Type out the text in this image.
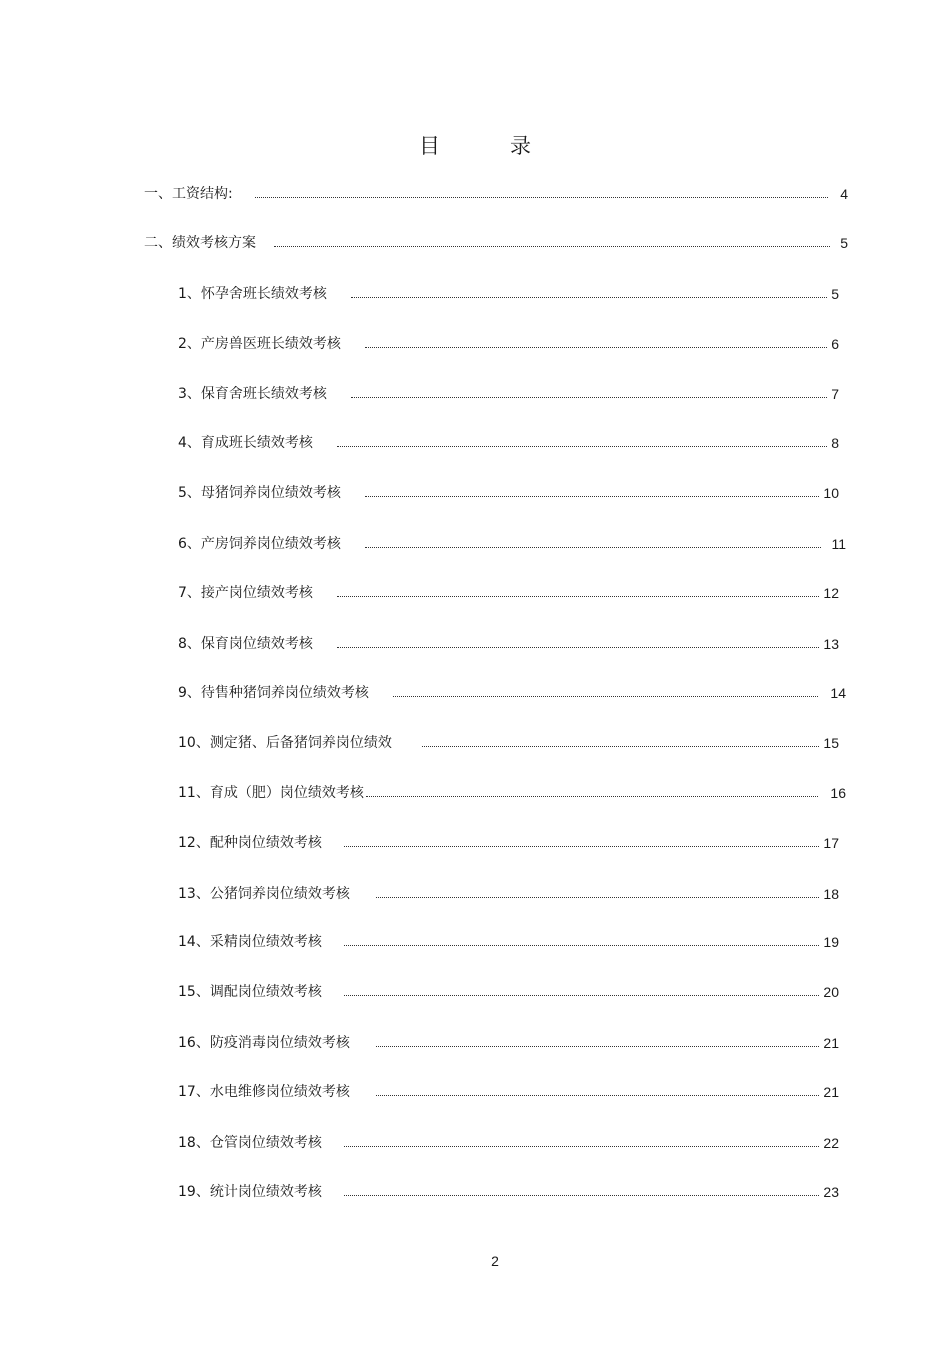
目	录
一、工资结构:	4
二、绩效考核方案	5
1、怀孕舍班长绩效考核	5
2、产房兽医班长绩效考核	6
3、保育舍班长绩效考核	7
4、育成班长绩效考核	8
5、母猪饲养岗位绩效考核	10
6、产房饲养岗位绩效考核	11
7、接产岗位绩效考核	12
8、保育岗位绩效考核	13
9、待售种猪饲养岗位绩效考核	14
10、测定猪、后备猪饲养岗位绩效	15
11、育成（肥）岗位绩效考核	16
12、配种岗位绩效考核	17
13、公猪饲养岗位绩效考核	18
14、采精岗位绩效考核	19
15、调配岗位绩效考核	20
16、防疫消毒岗位绩效考核	21
17、水电维修岗位绩效考核	21
18、仓管岗位绩效考核	22
19、统计岗位绩效考核	23
2
